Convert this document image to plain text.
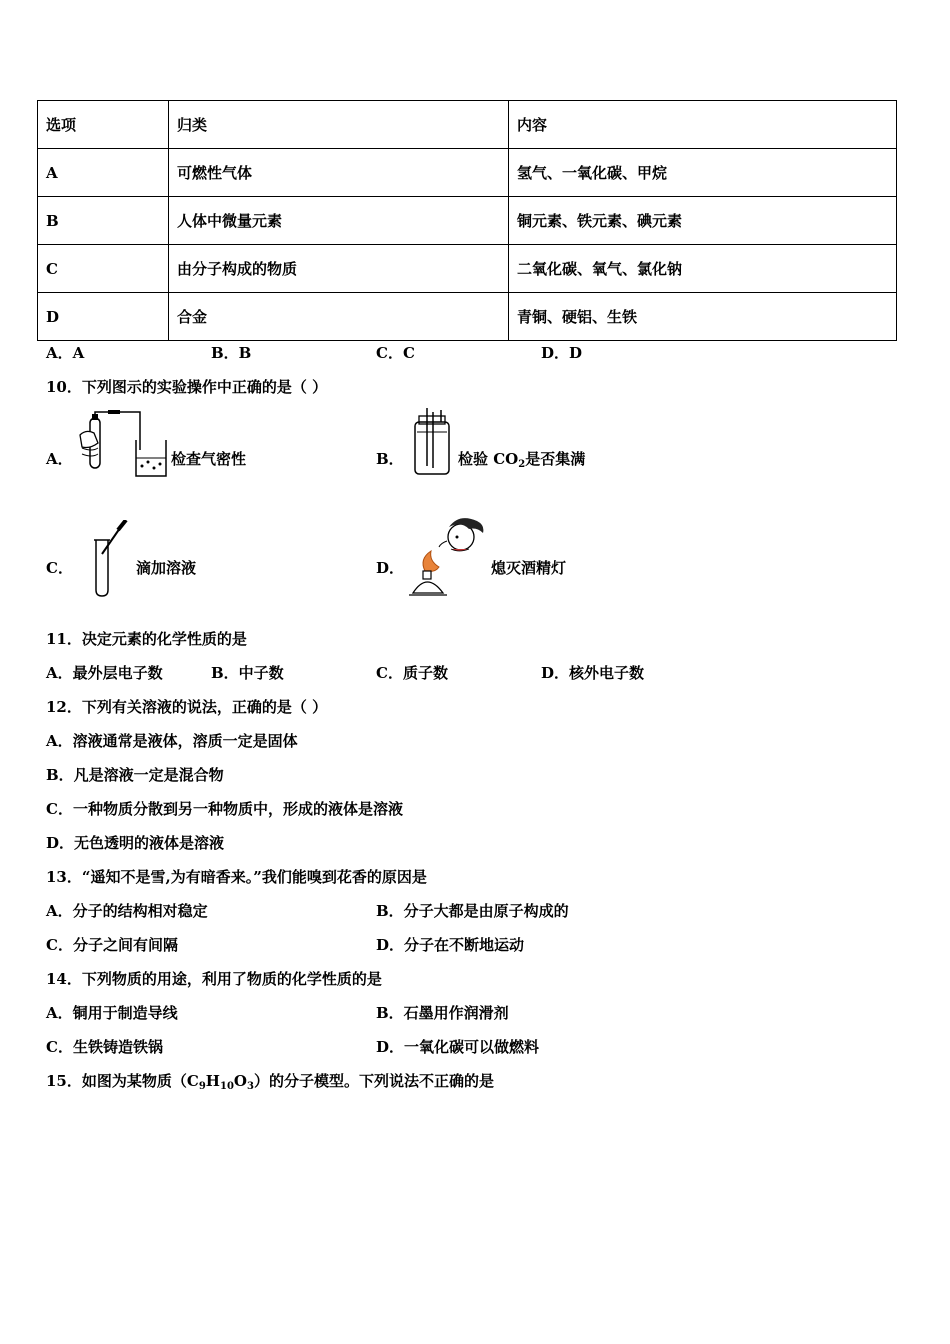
选项	归类	内容
A	可燃性气体	氢气、一氧化碳、甲烷
B	人体中微量元素	铜元素、铁元素、碘元素
C	由分子构成的物质	二氧化碳、氧气、氯化钠
D	合金	青铜、硬铝、生铁
A．A	B．B	C．C	D．D
10．下列图示的实验操作中正确的是（ ）
A．	检查气密性	B．	检验 $CO_2$是否集满
C．	滴加溶液	D．	熄灭酒精灯
11．决定元素的化学性质的是
A．最外层电子数	B．中子数	C．质子数	D．核外电子数
12．下列有关溶液的说法，正确的是（ ）
A．溶液通常是液体，溶质一定是固体
B．凡是溶液一定是混合物
C．一种物质分散到另一种物质中，形成的液体是溶液
D．无色透明的液体是溶液
13．“遥知不是雪,为有暗香来。”我们能嗅到花香的原因是
A．分子的结构相对稳定	B．分子大都是由原子构成的
C．分子之间有间隔	D．分子在不断地运动
14．下列物质的用途，利用了物质的化学性质的是
A．铜用于制造导线	B．石墨用作润滑剂
C．生铁铸造铁锅	D．一氧化碳可以做燃料
15．如图为某物质$(C_9H_{10}O_3)$的分子模型。下列说法不正确的是
